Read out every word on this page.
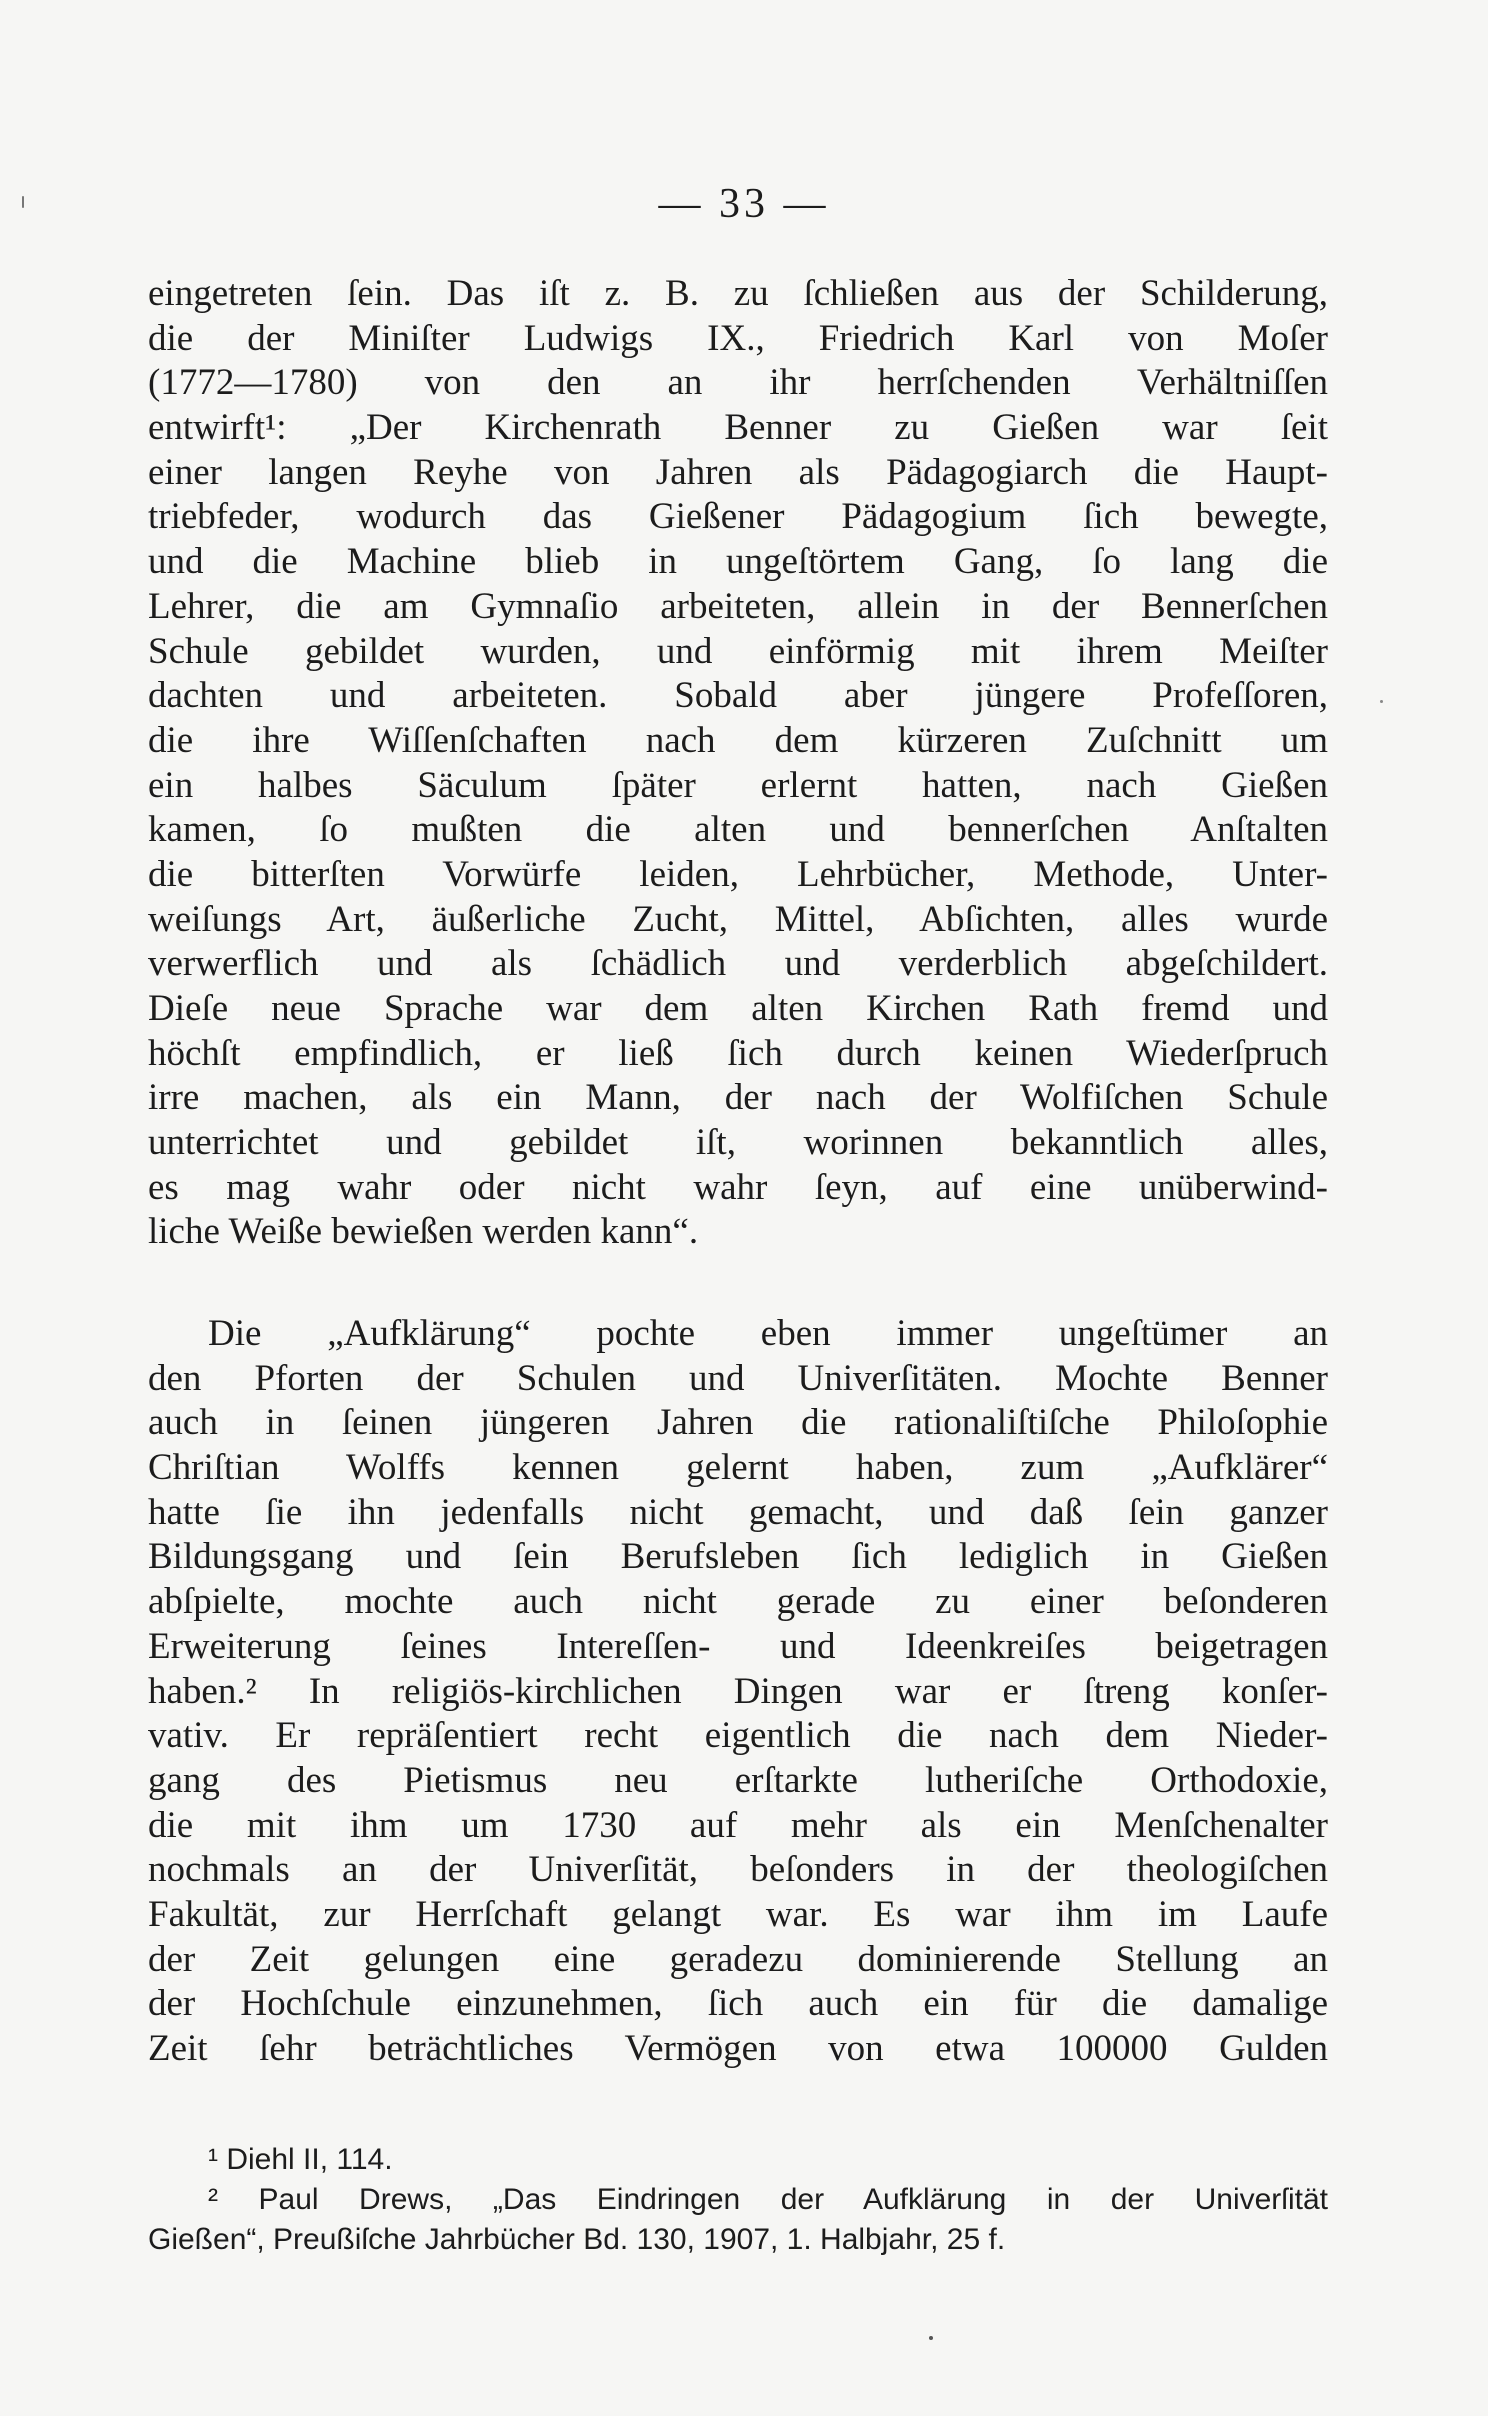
— 33 —
eingetreten ſein. Das iſt z. B. zu ſchließen aus der Schilderung,
die der Miniſter Ludwigs IX., Friedrich Karl von Moſer
(1772—1780) von den an ihr herrſchenden Verhältniſſen
entwirft¹: „Der Kirchenrath Benner zu Gießen war ſeit
einer langen Reyhe von Jahren als Pädagogiarch die Haupt-
triebfeder, wodurch das Gießener Pädagogium ſich bewegte,
und die Machine blieb in ungeſtörtem Gang, ſo lang die
Lehrer, die am Gymnaſio arbeiteten, allein in der Bennerſchen
Schule gebildet wurden, und einförmig mit ihrem Meiſter
dachten und arbeiteten. Sobald aber jüngere Profeſſoren,
die ihre Wiſſenſchaften nach dem kürzeren Zuſchnitt um
ein halbes Säculum ſpäter erlernt hatten, nach Gießen
kamen, ſo mußten die alten und bennerſchen Anſtalten
die bitterſten Vorwürfe leiden, Lehrbücher, Methode, Unter-
weiſungs Art, äußerliche Zucht, Mittel, Abſichten, alles wurde
verwerflich und als ſchädlich und verderblich abgeſchildert.
Dieſe neue Sprache war dem alten Kirchen Rath fremd und
höchſt empfindlich, er ließ ſich durch keinen Wiederſpruch
irre machen, als ein Mann, der nach der Wolfiſchen Schule
unterrichtet und gebildet iſt, worinnen bekanntlich alles,
es mag wahr oder nicht wahr ſeyn, auf eine unüberwind-
liche Weiße bewießen werden kann“.
Die „Aufklärung“ pochte eben immer ungeſtümer an
den Pforten der Schulen und Univerſitäten. Mochte Benner
auch in ſeinen jüngeren Jahren die rationaliſtiſche Philoſophie
Chriſtian Wolffs kennen gelernt haben, zum „Aufklärer“
hatte ſie ihn jedenfalls nicht gemacht, und daß ſein ganzer
Bildungsgang und ſein Berufsleben ſich lediglich in Gießen
abſpielte, mochte auch nicht gerade zu einer beſonderen
Erweiterung ſeines Intereſſen- und Ideenkreiſes beigetragen
haben.² In religiös-kirchlichen Dingen war er ſtreng konſer-
vativ. Er repräſentiert recht eigentlich die nach dem Nieder-
gang des Pietismus neu erſtarkte lutheriſche Orthodoxie,
die mit ihm um 1730 auf mehr als ein Menſchenalter
nochmals an der Univerſität, beſonders in der theologiſchen
Fakultät, zur Herrſchaft gelangt war. Es war ihm im Laufe
der Zeit gelungen eine geradezu dominierende Stellung an
der Hochſchule einzunehmen, ſich auch ein für die damalige
Zeit ſehr beträchtliches Vermögen von etwa 100000 Gulden
¹ Diehl II, 114.
² Paul Drews, „Das Eindringen der Aufklärung in der Univerſität
Gießen“, Preußiſche Jahrbücher Bd. 130, 1907, 1. Halbjahr, 25 f.
